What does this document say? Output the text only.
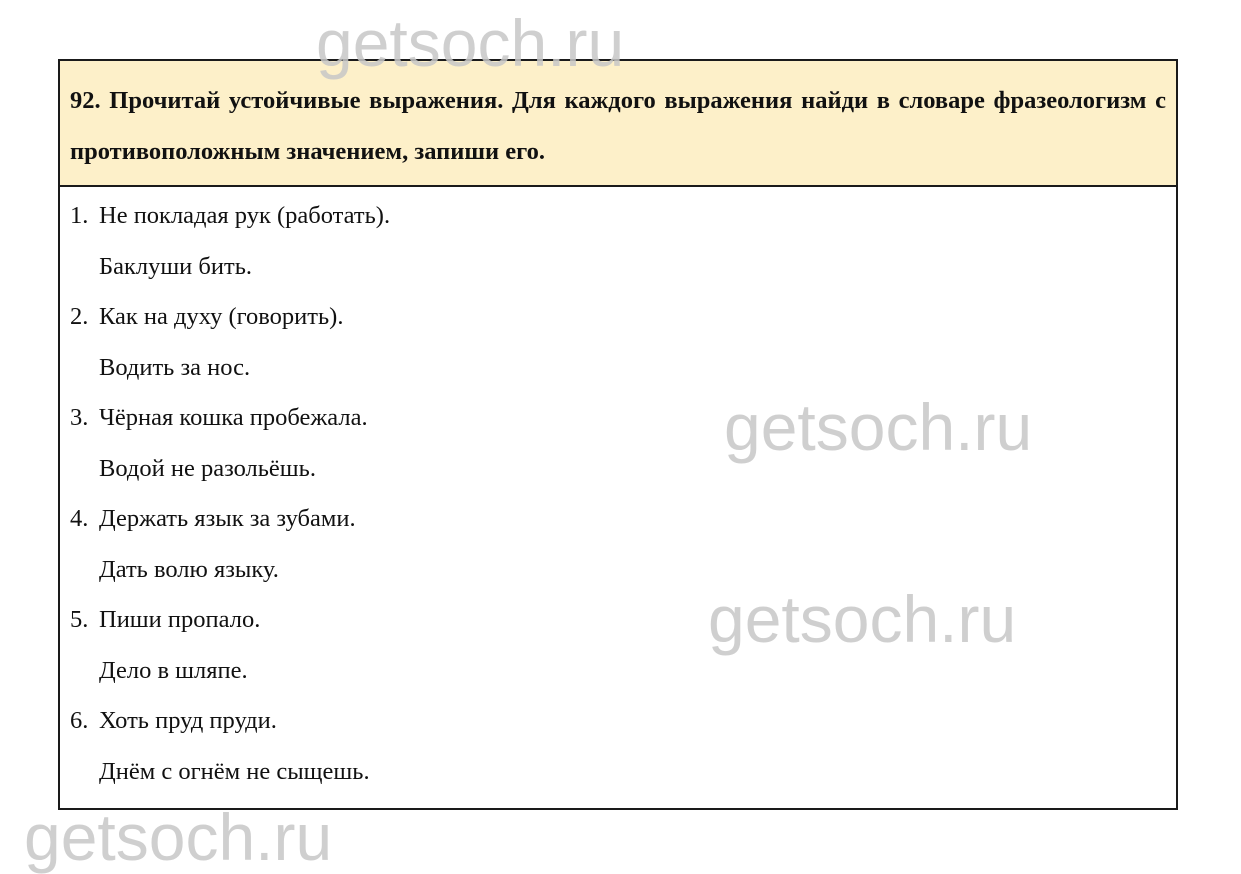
92. Прочитай устойчивые выражения. Для каждого выражения найди в словаре фразеологизм с противоположным значением, запиши его.

1. Не покладая рук (работать).

Баклуши бить.

2. Как на духу (говорить).

Водить за нос.

3. Чёрная кошка пробежала.

Водой не разольёшь.

4. Держать язык за зубами.

Дать волю языку.

5. Пиши пропало.

Дело в шляпе.

6. Хоть пруд пруди.

Днём с огнём не сыщешь.

getsoch.ru
getsoch.ru
getsoch.ru
getsoch.ru
